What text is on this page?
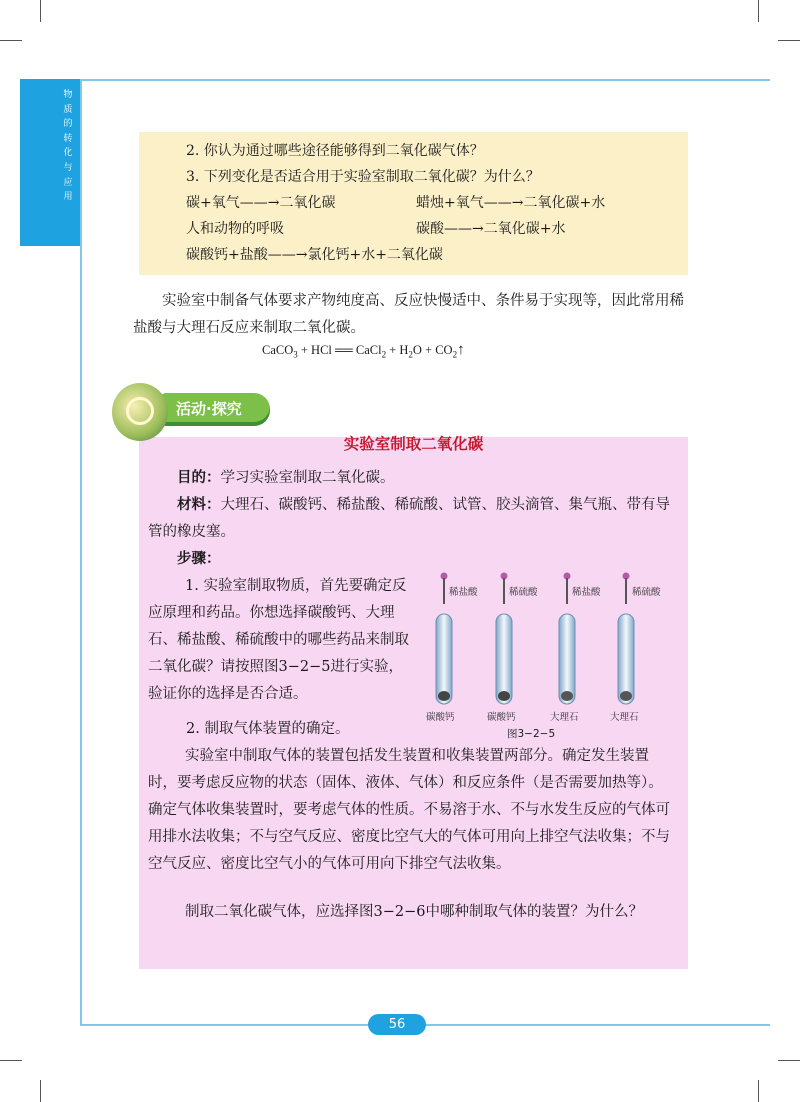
物
质
的
转
化
与
应
用
2. 你认为通过哪些途径能够得到二氧化碳气体？
3. 下列变化是否适合用于实验室制取二氧化碳？为什么？
碳+氧气——→二氧化碳	蜡烛+氧气——→二氧化碳+水
人和动物的呼吸	碳酸——→二氧化碳+水
碳酸钙+盐酸——→氯化钙+水+二氧化碳

实验室中制备气体要求产物纯度高、反应快慢适中、条件易于实现等，因此常用稀盐酸与大理石反应来制取二氧化碳。

CaCO$_3$ + HCl ══ CaCl$_2$ + $H_2O$ + $CO_2↑$
活动·探究
实验室制取二氧化碳

目的：学习实验室制取二氧化碳。

材料：大理石、碳酸钙、稀盐酸、稀硫酸、试管、胶头滴管、集气瓶、带有导管的橡皮塞。

步骤：

1. 实验室制取物质，首先要确定反应原理和药品。你想选择碳酸钙、大理石、稀盐酸、稀硫酸中的哪些药品来制取二氧化碳？请按照图3−2−5进行实验，验证你的选择是否合适。

2. 制取气体装置的确定。

实验室中制取气体的装置包括发生装置和收集装置两部分。确定发生装置时，要考虑反应物的状态（固体、液体、气体）和反应条件（是否需要加热等）。确定气体收集装置时，要考虑气体的性质。不易溶于水、不与水发生反应的气体可用排水法收集；不与空气反应、密度比空气大的气体可用向上排空气法收集；不与空气反应、密度比空气小的气体可用向下排空气法收集。

制取二氧化碳气体，应选择图3−2−6中哪种制取气体的装置？为什么？

稀盐酸	稀硫酸	稀盐酸	稀硫酸
碳酸钙	碳酸钙	大理石	大理石
图3−2−5
56
